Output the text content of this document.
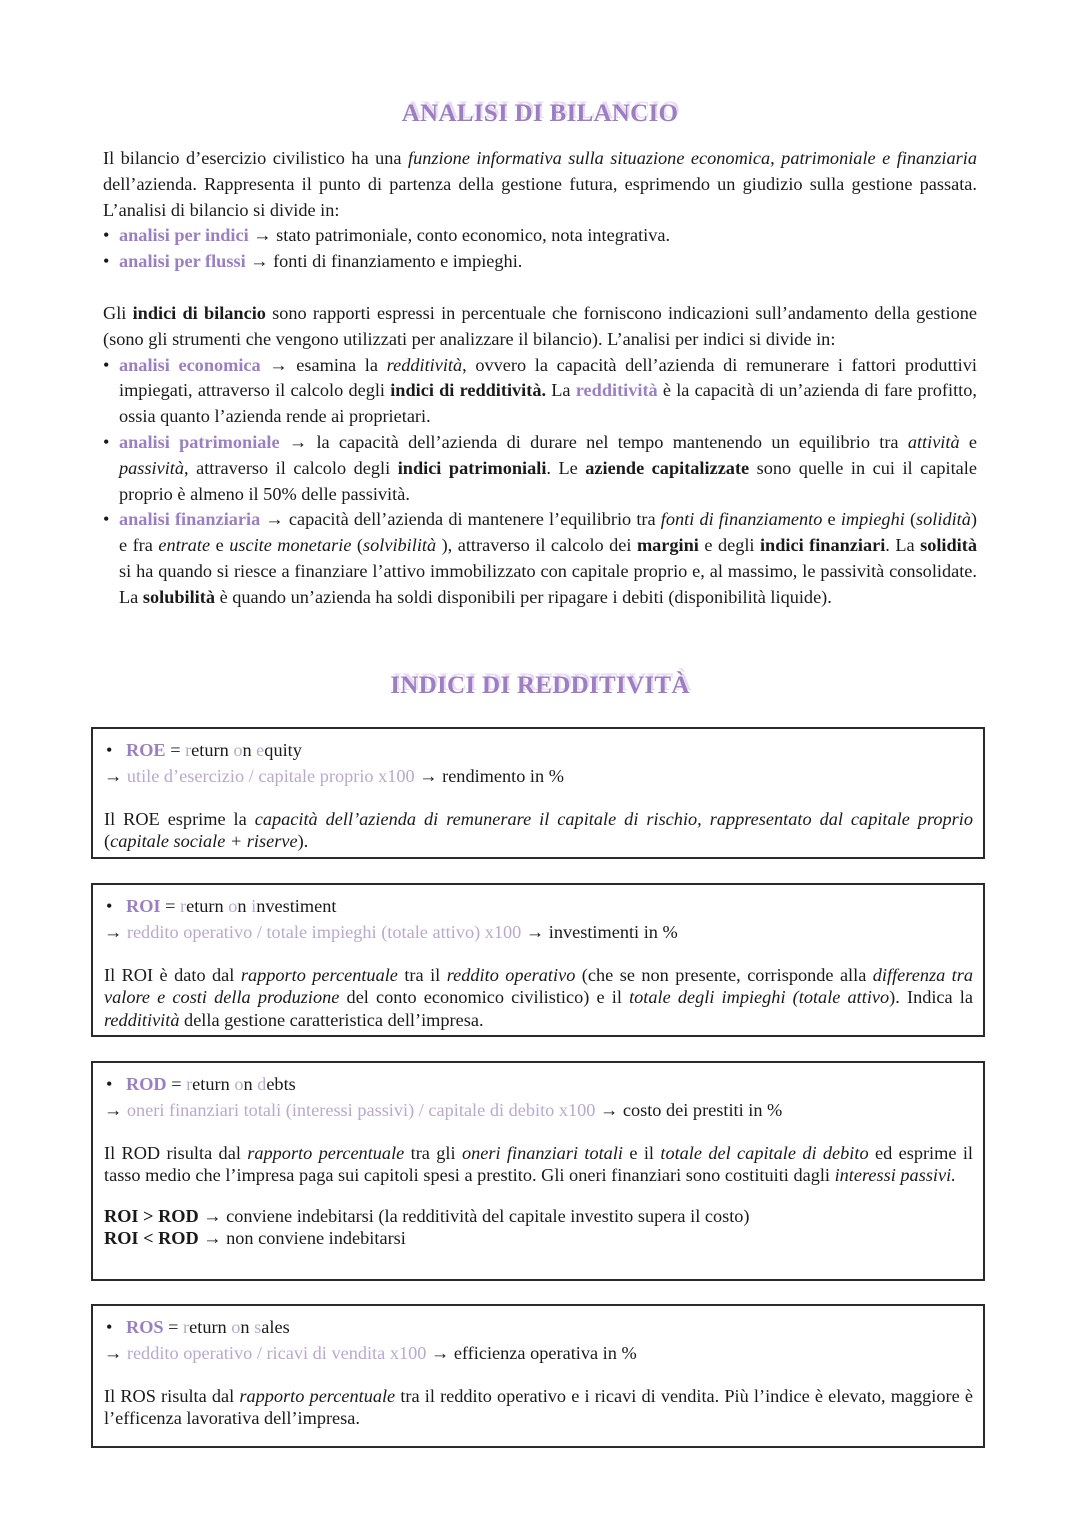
ANALISI DI BILANCIO

Il bilancio d’esercizio civilistico ha una funzione informativa sulla situazione economica, patrimoniale e finanziaria dell’azienda. Rappresenta il punto di partenza della gestione futura, esprimendo un giudizio sulla gestione passata. L’analisi di bilancio si divide in:

• analisi per indici → stato patrimoniale, conto economico, nota integrativa.
• analisi per flussi → fonti di finanziamento e impieghi.

Gli indici di bilancio sono rapporti espressi in percentuale che forniscono indicazioni sull’andamento della gestione (sono gli strumenti che vengono utilizzati per analizzare il bilancio). L’analisi per indici si divide in:

• analisi economica → esamina la redditività, ovvero la capacità dell’azienda di remunerare i fattori produttivi impiegati, attraverso il calcolo degli indici di redditività. La redditività è la capacità di un’azienda di fare profitto, ossia quanto l’azienda rende ai proprietari.
• analisi patrimoniale → la capacità dell’azienda di durare nel tempo mantenendo un equilibrio tra attività e passività, attraverso il calcolo degli indici patrimoniali. Le aziende capitalizzate sono quelle in cui il capitale proprio è almeno il 50% delle passività.
• analisi finanziaria → capacità dell’azienda di mantenere l’equilibrio tra fonti di finanziamento e impieghi (solidità) e fra entrate e uscite monetarie (solvibilità ), attraverso il calcolo dei margini e degli indici finanziari. La solidità si ha quando si riesce a finanziare l’attivo immobilizzato con capitale proprio e, al massimo, le passività consolidate. La solubilità è quando un’azienda ha soldi disponibili per ripagare i debiti (disponibilità liquide).
INDICI DI REDDITIVITÀ
• ROE = return on equity
→ utile d’esercizio / capitale proprio x100 → rendimento in %

Il ROE esprime la capacità dell’azienda di remunerare il capitale di rischio, rappresentato dal capitale proprio (capitale sociale + riserve).

• ROI = return on investiment
→ reddito operativo / totale impieghi (totale attivo) x100 → investimenti in %

Il ROI è dato dal rapporto percentuale tra il reddito operativo (che se non presente, corrisponde alla differenza tra valore e costi della produzione del conto economico civilistico) e il totale degli impieghi (totale attivo). Indica la redditività della gestione caratteristica dell’impresa.

• ROD = return on debts
→ oneri finanziari totali (interessi passivi) / capitale di debito x100 → costo dei prestiti in %

Il ROD risulta dal rapporto percentuale tra gli oneri finanziari totali e il totale del capitale di debito ed esprime il tasso medio che l’impresa paga sui capitoli spesi a prestito. Gli oneri finanziari sono costituiti dagli interessi passivi.

ROI > ROD → conviene indebitarsi (la redditività del capitale investito supera il costo)
ROI < ROD → non conviene indebitarsi
• ROS = return on sales
→ reddito operativo / ricavi di vendita x100 → efficienza operativa in %

Il ROS risulta dal rapporto percentuale tra il reddito operativo e i ricavi di vendita. Più l’indice è elevato, maggiore è l’efficenza lavorativa dell’impresa.
